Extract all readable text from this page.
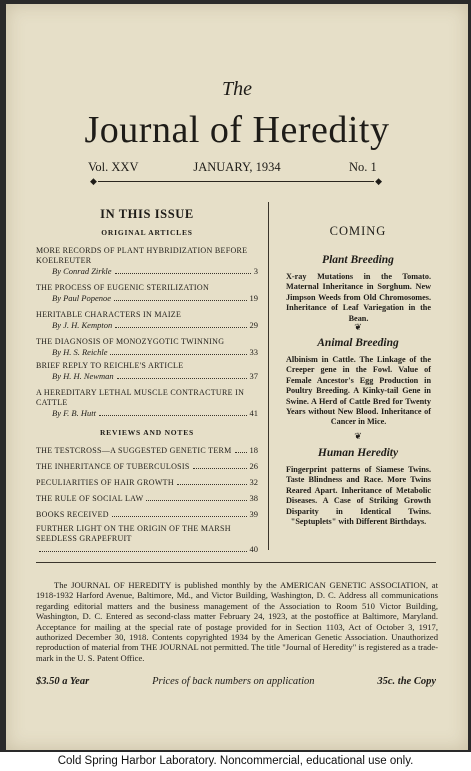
The
Journal of Heredity
Vol. XXV	JANUARY, 1934	No. 1
◆	◆
IN THIS ISSUE
ORIGINAL ARTICLES
MORE RECORDS OF PLANT HYBRIDIZATION BEFORE KOELREUTER
By Conrad Zirkle	3
THE PROCESS OF EUGENIC STERILIZATION
By Paul Popenoe	19
HERITABLE CHARACTERS IN MAIZE
By J. H. Kempton	29
THE DIAGNOSIS OF MONOZYGOTIC TWINNING
By H. S. Reichle	33
BRIEF REPLY TO REICHLE'S ARTICLE
By H. H. Newman	37
A HEREDITARY LETHAL MUSCLE CONTRACTURE IN CATTLE
By F. B. Hutt	41
REVIEWS AND NOTES
THE TESTCROSS—A SUGGESTED GENETIC TERM 18
THE INHERITANCE OF TUBERCULOSIS	26
PECULIARITIES OF HAIR GROWTH	32
THE RULE OF SOCIAL LAW	38
BOOKS RECEIVED	39
FURTHER LIGHT ON THE ORIGIN OF THE MARSH SEEDLESS GRAPEFRUIT
40
COMING
Plant Breeding
X-ray Mutations in the Tomato. Maternal Inheritance in Sorghum. New Jimpson Weeds from Old Chromosomes. Inheritance of Leaf Variegation in the Bean.
❦
Animal Breeding
Albinism in Cattle. The Linkage of the Creeper gene in the Fowl. Value of Female Ancestor's Egg Production in Poultry Breeding. A Kinky-tail Gene in Swine. A Herd of Cattle Bred for Twenty Years without New Blood. Inheritance of Cancer in Mice.
❦
Human Heredity
Fingerprint patterns of Siamese Twins. Taste Blindness and Race. More Twins Reared Apart. Inheritance of Metabolic Diseases. A Case of Striking Growth Disparity in Identical Twins. "Septuplets" with Different Birthdays.
The JOURNAL OF HEREDITY is published monthly by the AMERICAN GENETIC ASSOCIATION, at 1918-1932 Harford Avenue, Baltimore, Md., and Victor Building, Washington, D. C. Address all communications regarding editorial matters and the business management of the Association to Room 510 Victor Building, Washington, D. C. Entered as second-class matter February 24, 1923, at the postoffice at Baltimore, Maryland. Acceptance for mailing at the special rate of postage provided for in Section 1103, Act of October 3, 1917, authorized December 30, 1918. Contents copyrighted 1934 by the American Genetic Association. Unauthorized reproduction of material from THE JOURNAL not permitted. The title "Journal of Heredity" is registered as a trade-mark in the U. S. Patent Office.
$3.50 a Year	Prices of back numbers on application	35c. the Copy
Cold Spring Harbor Laboratory. Noncommercial, educational use only.
